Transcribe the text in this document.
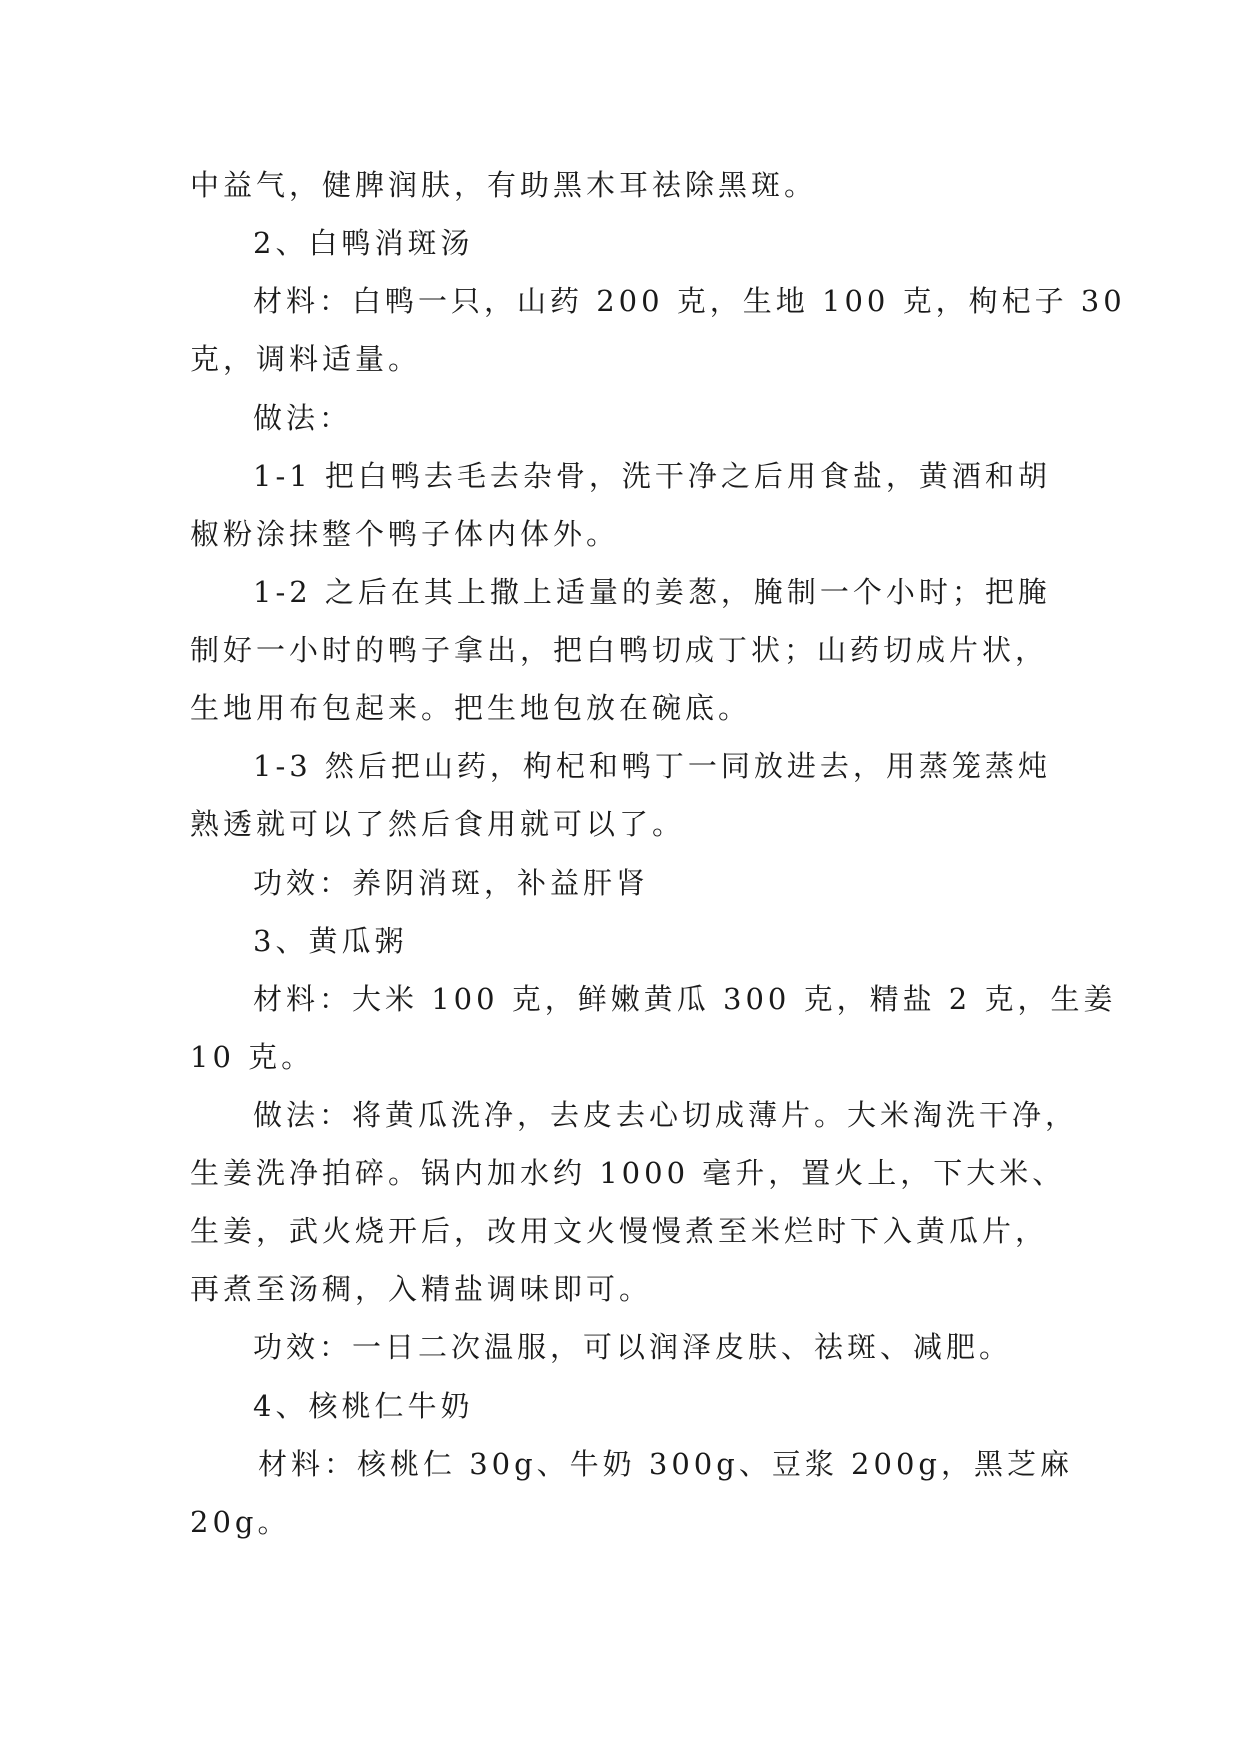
中益气，健脾润肤，有助黑木耳祛除黑斑。
2、白鸭消斑汤
材料：白鸭一只，山药 200 克，生地 100 克，枸杞子 30
克，调料适量。
做法：
1-1 把白鸭去毛去杂骨，洗干净之后用食盐，黄酒和胡
椒粉涂抹整个鸭子体内体外。
1-2 之后在其上撒上适量的姜葱，腌制一个小时；把腌
制好一小时的鸭子拿出，把白鸭切成丁状；山药切成片状，
生地用布包起来。把生地包放在碗底。
1-3 然后把山药，枸杞和鸭丁一同放进去，用蒸笼蒸炖
熟透就可以了然后食用就可以了。
功效：养阴消斑，补益肝肾
3、黄瓜粥
材料：大米 100 克，鲜嫩黄瓜 300 克，精盐 2 克，生姜
10 克。
做法：将黄瓜洗净，去皮去心切成薄片。大米淘洗干净，
生姜洗净拍碎。锅内加水约 1000 毫升，置火上，下大米、
生姜，武火烧开后，改用文火慢慢煮至米烂时下入黄瓜片，
再煮至汤稠，入精盐调味即可。
功效：一日二次温服，可以润泽皮肤、祛斑、减肥。
4、核桃仁牛奶
材料：核桃仁 30g、牛奶 300g、豆浆 200g，黑芝麻
20g。
